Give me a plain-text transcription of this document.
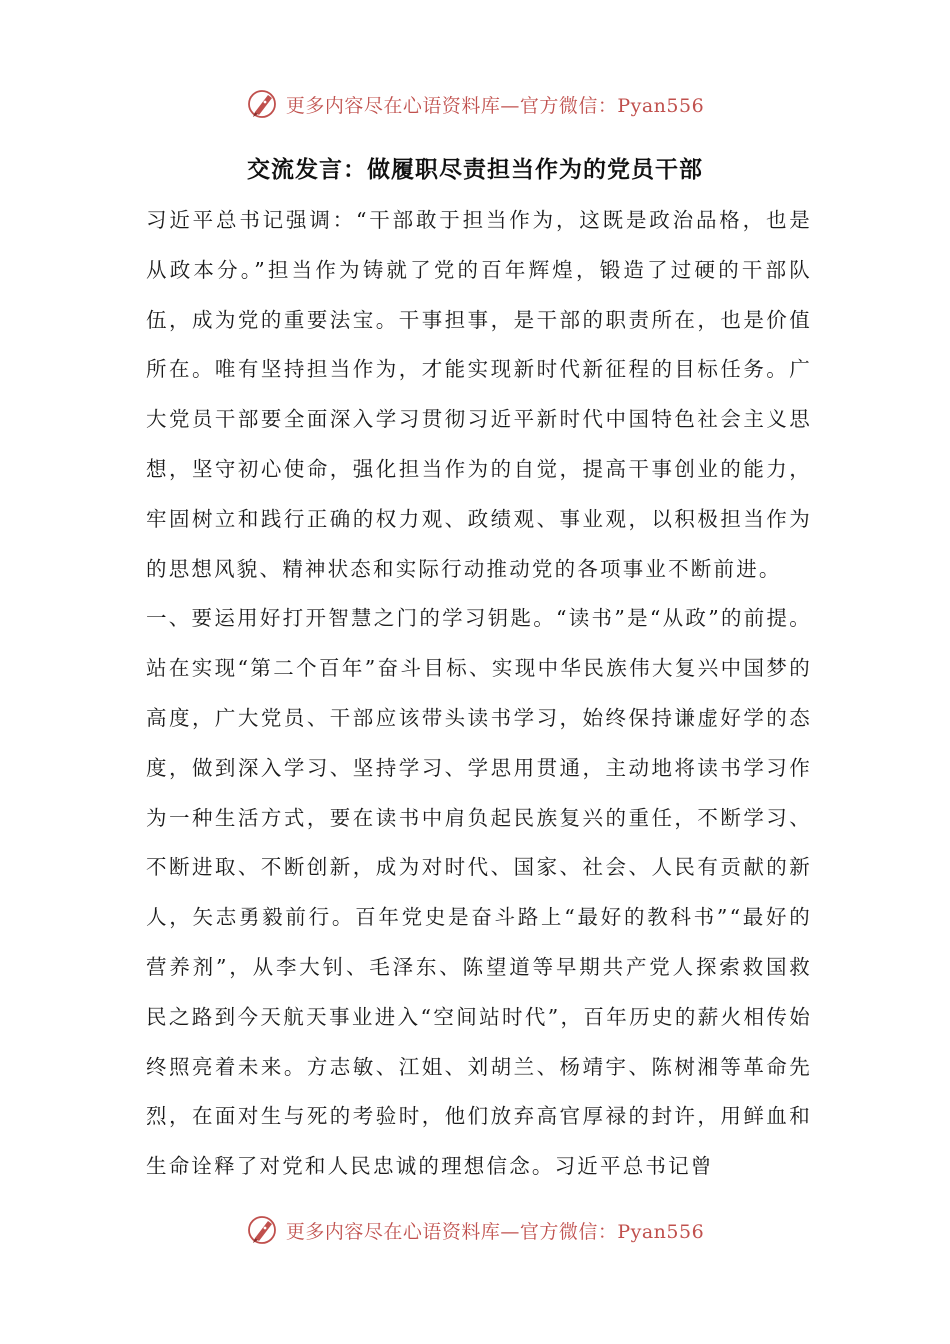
更多内容尽在心语资料库—官方微信：Pyan556
交流发言：做履职尽责担当作为的党员干部

习近平总书记强调：“干部敢于担当作为，这既是政治品格，也是从政本分。”担当作为铸就了党的百年辉煌，锻造了过硬的干部队伍，成为党的重要法宝。干事担事，是干部的职责所在，也是价值所在。唯有坚持担当作为，才能实现新时代新征程的目标任务。广大党员干部要全面深入学习贯彻习近平新时代中国特色社会主义思想，坚守初心使命，强化担当作为的自觉，提高干事创业的能力，牢固树立和践行正确的权力观、政绩观、事业观，以积极担当作为的思想风貌、精神状态和实际行动推动党的各项事业不断前进。

一、要运用好打开智慧之门的学习钥匙。“读书”是“从政”的前提。站在实现“第二个百年”奋斗目标、实现中华民族伟大复兴中国梦的高度，广大党员、干部应该带头读书学习，始终保持谦虚好学的态度，做到深入学习、坚持学习、学思用贯通，主动地将读书学习作为一种生活方式，要在读书中肩负起民族复兴的重任，不断学习、不断进取、不断创新，成为对时代、国家、社会、人民有贡献的新人，矢志勇毅前行。百年党史是奋斗路上“最好的教科书”“最好的营养剂”，从李大钊、毛泽东、陈望道等早期共产党人探索救国救民之路到今天航天事业进入“空间站时代”，百年历史的薪火相传始终照亮着未来。方志敏、江姐、刘胡兰、杨靖宇、陈树湘等革命先烈，在面对生与死的考验时，他们放弃高官厚禄的封许，用鲜血和生命诠释了对党和人民忠诚的理想信念。习近平总书记曾

更多内容尽在心语资料库—官方微信：Pyan556
